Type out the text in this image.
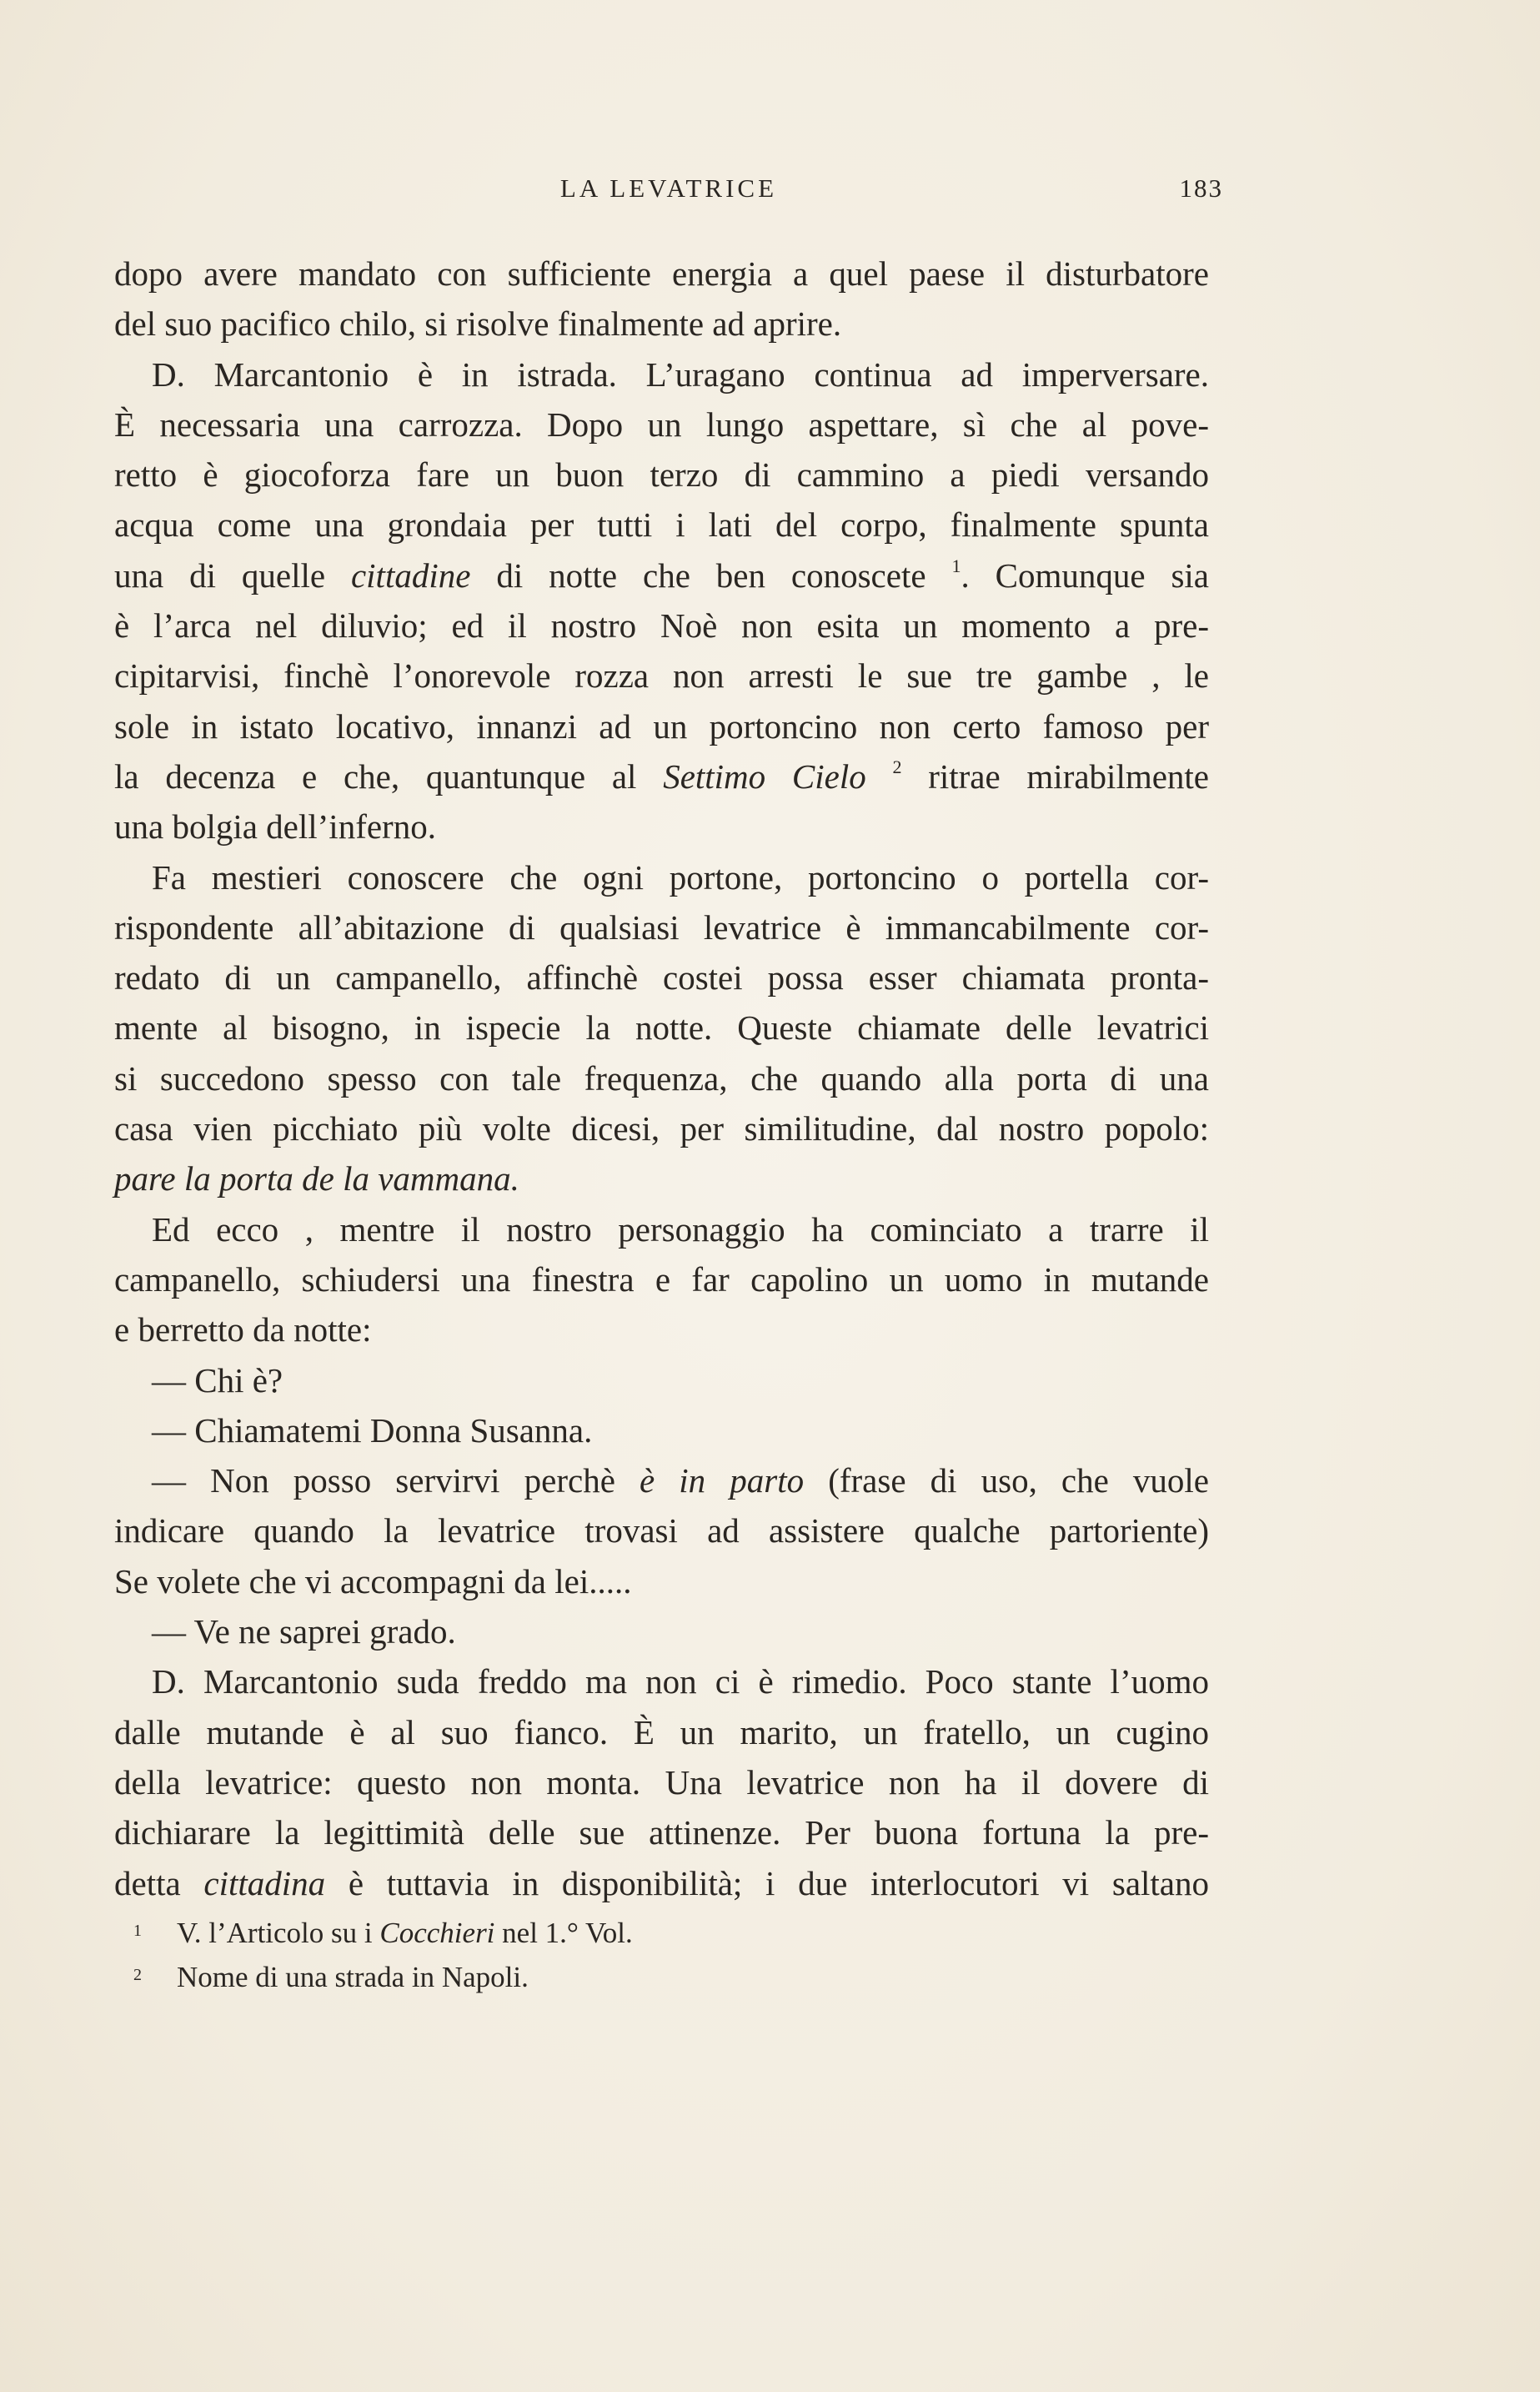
LA LEVATRICE	183
dopo avere mandato con sufficiente energia a quel paese il disturbatore
del suo pacifico chilo, si risolve finalmente ad aprire.
D. Marcantonio è in istrada. L’uragano continua ad imperversare.
È necessaria una carrozza. Dopo un lungo aspettare, sì che al pove-
retto è giocoforza fare un buon terzo di cammino a piedi versando
acqua come una grondaia per tutti i lati del corpo, finalmente spunta
una di quelle cittadine di notte che ben conoscete $^1$. Comunque sia
è l’arca nel diluvio; ed il nostro Noè non esita un momento a pre-
cipitarvisi, finchè l’onorevole rozza non arresti le sue tre gambe , le
sole in istato locativo, innanzi ad un portoncino non certo famoso per
la decenza e che, quantunque al Settimo Cielo $^2$ ritrae mirabilmente
una bolgia dell’inferno.
Fa mestieri conoscere che ogni portone, portoncino o portella cor-
rispondente all’abitazione di qualsiasi levatrice è immancabilmente cor-
redato di un campanello, affinchè costei possa esser chiamata pronta-
mente al bisogno, in ispecie la notte. Queste chiamate delle levatrici
si succedono spesso con tale frequenza, che quando alla porta di una
casa vien picchiato più volte dicesi, per similitudine, dal nostro popolo:
pare la porta de la vammana.
Ed ecco , mentre il nostro personaggio ha cominciato a trarre il
campanello, schiudersi una finestra e far capolino un uomo in mutande
e berretto da notte:
— Chi è?
— Chiamatemi Donna Susanna.
— Non posso servirvi perchè è in parto (frase di uso, che vuole
indicare quando la levatrice trovasi ad assistere qualche partoriente)
Se volete che vi accompagni da lei.....
— Ve ne saprei grado.
D. Marcantonio suda freddo ma non ci è rimedio. Poco stante l’uomo
dalle mutande è al suo fianco. È un marito, un fratello, un cugino
della levatrice: questo non monta. Una levatrice non ha il dovere di
dichiarare la legittimità delle sue attinenze. Per buona fortuna la pre-
detta cittadina è tuttavia in disponibilità; i due interlocutori vi saltano
1 V. l’Articolo su i Cocchieri nel 1.° Vol.
2 Nome di una strada in Napoli.
